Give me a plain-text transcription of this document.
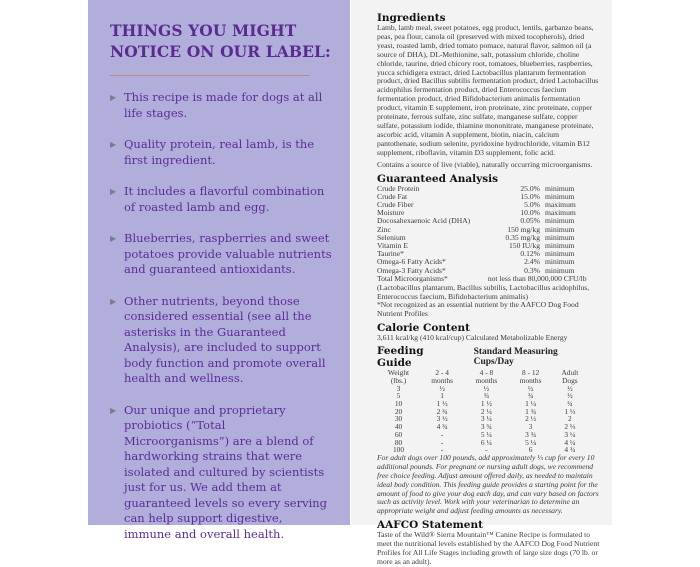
THINGS YOU MIGHT
NOTICE ON OUR LABEL:
▶ This recipe is made for dogs at all life stages.
▶ Quality protein, real lamb, is the first ingredient.
▶ It includes a flavorful combination of roasted lamb and egg.
▶ Blueberries, raspberries and sweet potatoes provide valuable nutrients and guaranteed antioxidants.
▶ Other nutrients, beyond those considered essential (see all the asterisks in the Guaranteed Analysis), are included to support body function and promote overall health and wellness.
▶ Our unique and proprietary probiotics (“Total Microorganisms”) are a blend of hardworking strains that were isolated and cultured by scientists just for us. We add them at guaranteed levels so every serving can help support digestive, immune and overall health.
Ingredients

Lamb, lamb meal, sweet potatoes, egg product, lentils, garbanzo beans, peas, pea flour, canola oil (preserved with mixed tocopherols), dried yeast, roasted lamb, dried tomato pomace, natural flavor, salmon oil (a source of DHA), DL-Methionine, salt, potassium chloride, choline chloride, taurine, dried chicory root, tomatoes, blueberries, raspberries, yucca schidigera extract, dried Lactobacillus plantarum fermentation product, dried Bacillus subtilis fermentation product, dried Lactobacillus acidophilus fermentation product, dried Enterococcus faecium fermentation product, dried Bifidobacterium animalis fermentation product, vitamin E supplement, iron proteinate, zinc proteinate, copper proteinate, ferrous sulfate, zinc sulfate, manganese sulfate, copper sulfate, potassium iodide, thiamine mononitrate, manganese proteinate, ascorbic acid, vitamin A supplement, biotin, niacin, calcium pantothenate, sodium selenite, pyridoxine hydrochloride, vitamin B12 supplement, riboflavin, vitamin D3 supplement, folic acid.

Contains a source of live (viable), naturally occurring microorganisms.

Guaranteed Analysis
Crude Protein	25.0%	minimum
Crude Fat	15.0%	minimum
Crude Fiber	5.0%	maximum
Moisture	10.0%	maximum
Docosahexaenoic Acid (DHA)	0.05%	minimum
Zinc	150 mg/kg	minimum
Selenium	0.35 mg/kg	minimum
Vitamin E	150 IU/kg	minimum
Taurine*	0.12%	minimum
Omega-6 Fatty Acids*	2.4%	minimum
Omega-3 Fatty Acids*	0.3%	minimum

Total Microorganisms*	not less than 80,000,000 CFU/lb

(Lactobacillus plantarum, Bacillus subtilis, Lactobacillus acidophilus, Enterococcus faecium, Bifidobacterium animalis)

*Not recognized as an essential nutrient by the AAFCO Dog Food Nutrient Profiles

Calorie Content

3,611 kcal/kg (410 kcal/cup) Calculated Metabolizable Energy

Feeding Guide
Standard Measuring Cups/Day
Weight	2 - 4	4 - 8	8 - 12	Adult
(lbs.)	months	months	months	Dogs
3	½	½	½	½
5	1	¾	¾	½
10	1 ½	1 ½	1 ¼	¾
20	2 ¾	2 ¼	1 ¾	1 ⅓
30	3 ½	3 ¼	2 ½	2
40	4 ¾	3 ¾	3	2 ⅓
60	-	5 ¼	3 ¾	3 ¼
80	-	6 ¼	5 ¼	4 ¼
100	-	-	6	4 ¾

For adult dogs over 100 pounds, add approximately ⅓ cup for every 10 additional pounds. For pregnant or nursing adult dogs, we recommend free choice feeding. Adjust amount offered daily, as needed to maintain ideal body condition. This feeding guide provides a starting point for the amount of food to give your dog each day, and can vary based on factors such as activity level. Work with your veterinarian to determine an appropriate weight and adjust feeding amounts as necessary.

AAFCO Statement

Taste of the Wild® Sierra Mountain™ Canine Recipe is formulated to meet the nutritional levels established by the AAFCO Dog Food Nutrient Profiles for All Life Stages including growth of large size dogs (70 lb. or more as an adult).
